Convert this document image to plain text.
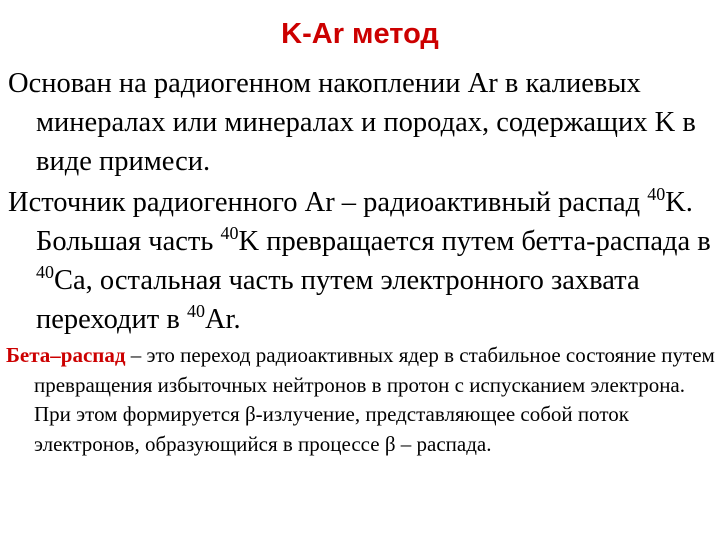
K-Ar метод

Основан на радиогенном накоплении Ar в калиевых минералах или минералах и породах, содержащих K в виде примеси.

Источник радиогенного Ar – радиоактивный распад $^{40}$K. Большая часть $^{40}$K превращается путем бетта-распада в $^{40}$Ca, остальная часть путем электронного захвата переходит в $^{40}$Ar.

Бета–распад – это переход радиоактивных ядер в стабильное состояние путем превращения избыточных нейтронов в протон с испусканием электрона. При этом формируется β-излучение, представляющее собой поток электронов, образующийся в процессе β – распада.
